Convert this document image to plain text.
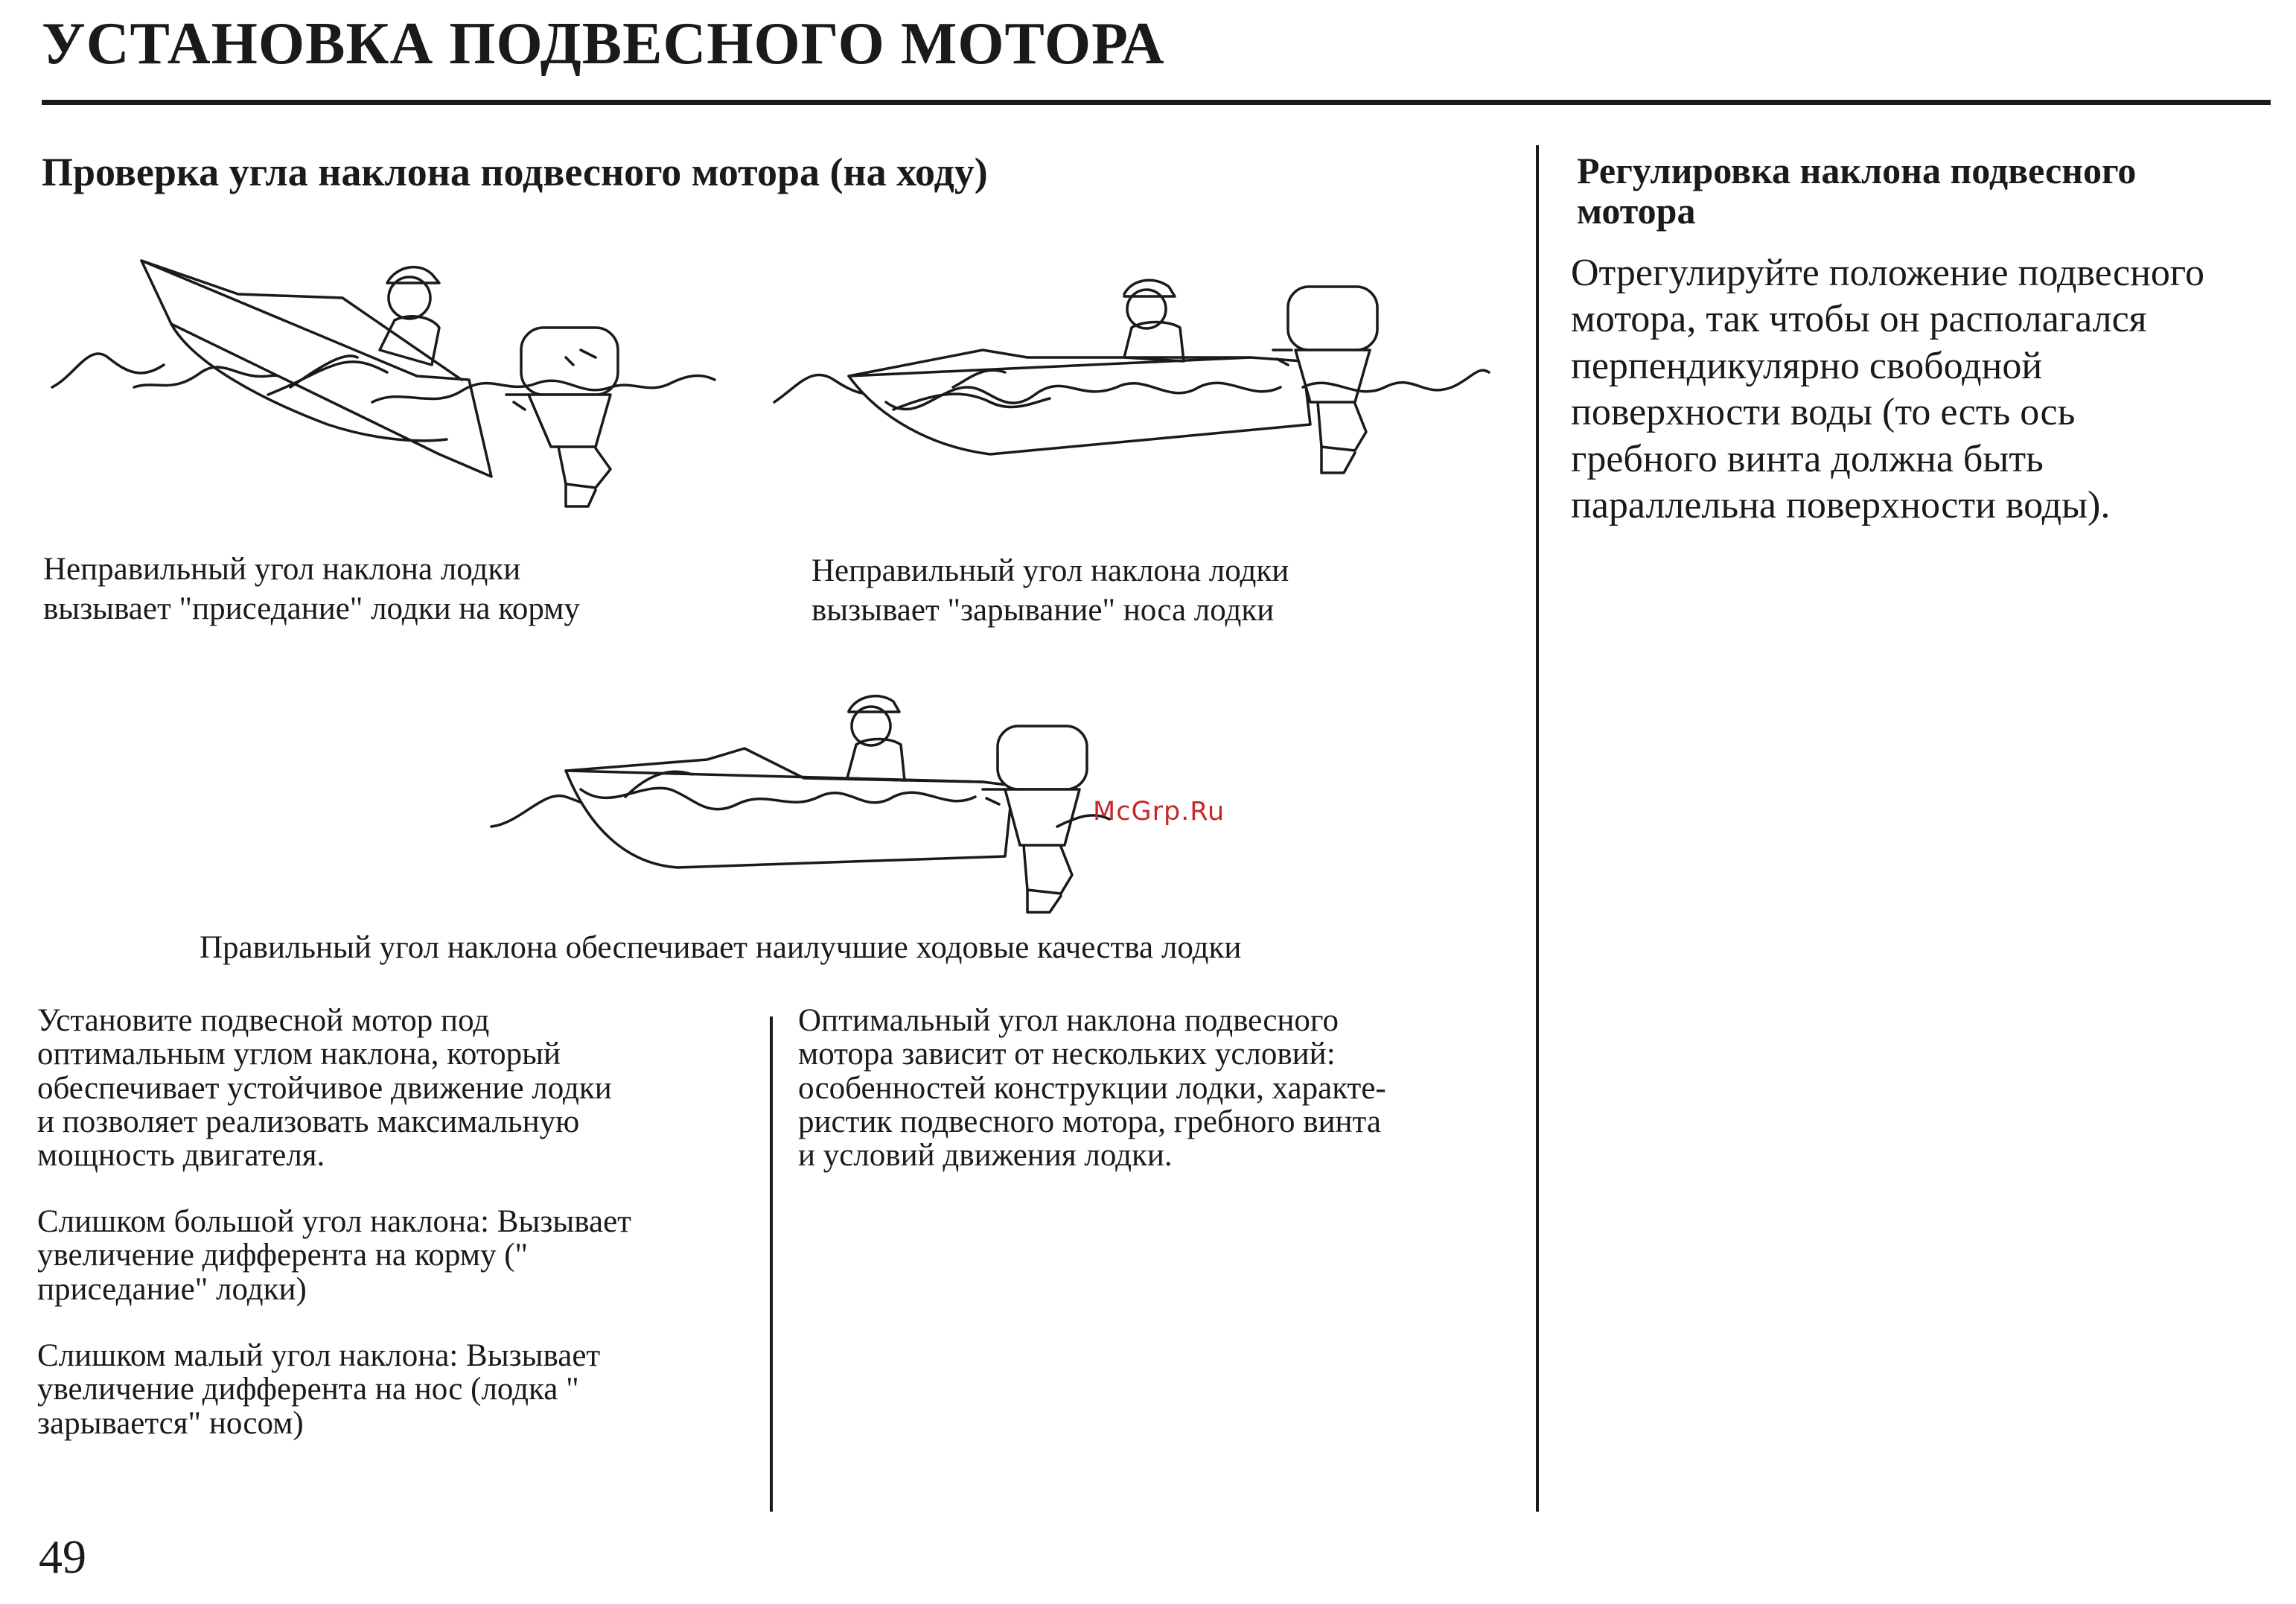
УСТАНОВКА ПОДВЕСНОГО МОТОРА
Проверка угла наклона подвесного мотора (на ходу)
Неправильный угол наклона лодки
вызывает "приседание" лодки на корму
Неправильный угол наклона лодки
вызывает "зарывание" носа лодки
McGrp.Ru
Правильный угол наклона обеспечивает наилучшие ходовые качества лодки
Установите подвесной мотор под
оптимальным углом наклона, который
обеспечивает устойчивое движение лодки
и позволяет реализовать максимальную
мощность двигателя.
Слишком большой угол наклона: Вызывает
увеличение дифферента на корму ("
приседание" лодки)
Слишком малый угол наклона: Вызывает
увеличение дифферента на нос (лодка "
зарывается" носом)
Оптимальный угол наклона подвесного
мотора зависит от нескольких условий:
особенностей конструкции лодки, характе-
ристик подвесного мотора, гребного винта
и условий движения лодки.
Регулировка наклона подвесного
мотора
Отрегулируйте положение подвесного
мотора, так чтобы он располагался
перпендикулярно свободной
поверхности воды (то есть ось
гребного винта должна быть
параллельна поверхности воды).
49
